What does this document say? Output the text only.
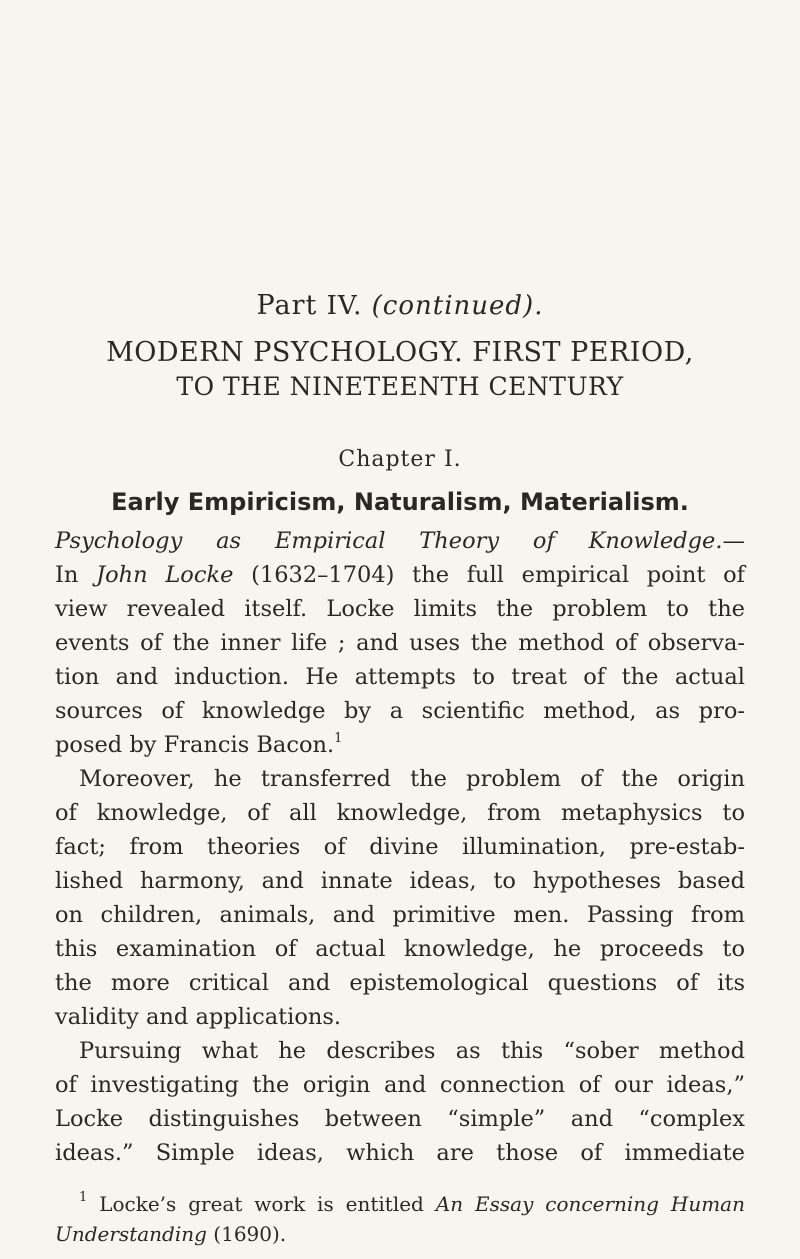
Part IV. (continued).
MODERN PSYCHOLOGY. FIRST PERIOD,
TO THE NINETEENTH CENTURY
Chapter I.
Early Empiricism, Naturalism, Materialism.
Psychology as Empirical Theory of Knowledge.—
In John Locke (1632–1704) the full empirical point of
view revealed itself. Locke limits the problem to the
events of the inner life ; and uses the method of observa-
tion and induction. He attempts to treat of the actual
sources of knowledge by a scientific method, as pro-
posed by Francis Bacon.$^1$
Moreover, he transferred the problem of the origin
of knowledge, of all knowledge, from metaphysics to
fact; from theories of divine illumination, pre-estab-
lished harmony, and innate ideas, to hypotheses based
on children, animals, and primitive men. Passing from
this examination of actual knowledge, he proceeds to
the more critical and epistemological questions of its
validity and applications.
Pursuing what he describes as this “sober method
of investigating the origin and connection of our ideas,”
Locke distinguishes between “simple” and “complex
ideas.” Simple ideas, which are those of immediate
$^1$ Locke’s great work is entitled An Essay concerning Human
Understanding (1690).
